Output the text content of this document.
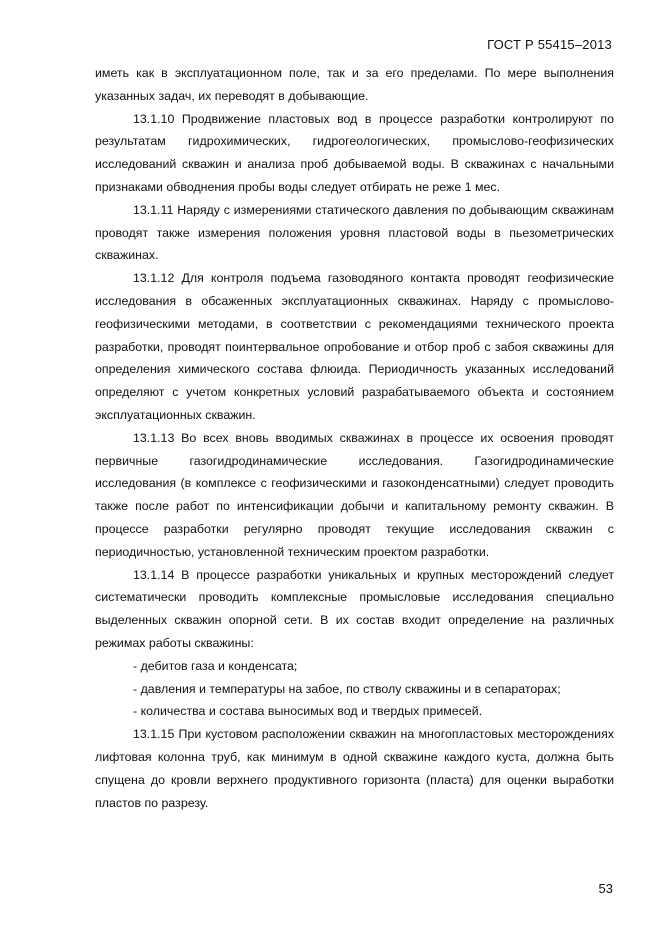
ГОСТ Р 55415–2013

иметь как в эксплуатационном поле, так и за его пределами. По мере выполнения указанных задач, их переводят в добывающие.

13.1.10 Продвижение пластовых вод в процессе разработки контролируют по результатам гидрохимических, гидрогеологических, промыслово-геофизических исследований скважин и анализа проб добываемой воды. В скважинах с начальными признаками обводнения пробы воды следует отбирать не реже 1 мес.

13.1.11 Наряду с измерениями статического давления по добывающим скважинам проводят также измерения положения уровня пластовой воды в пьезометрических скважинах.

13.1.12 Для контроля подъема газоводяного контакта проводят геофизические исследования в обсаженных эксплуатационных скважинах. Наряду с промыслово-геофизическими методами, в соответствии с рекомендациями технического проекта разработки, проводят поинтервальное опробование и отбор проб с забоя скважины для определения химического состава флюида. Периодичность указанных исследований определяют с учетом конкретных условий разрабатываемого объекта и состоянием эксплуатационных скважин.

13.1.13 Во всех вновь вводимых скважинах в процессе их освоения проводят первичные газогидродинамические исследования. Газогидродинамические исследования (в комплексе с геофизическими и газоконденсатными) следует проводить также после работ по интенсификации добычи и капитальному ремонту скважин. В процессе разработки регулярно проводят текущие исследования скважин с периодичностью, установленной техническим проектом разработки.

13.1.14 В процессе разработки уникальных и крупных месторождений следует систематически проводить комплексные промысловые исследования специально выделенных скважин опорной сети. В их состав входит определение на различных режимах работы скважины:

- дебитов газа и конденсата;

- давления и температуры на забое, по стволу скважины и в сепараторах;

- количества и состава выносимых вод и твердых примесей.

13.1.15 При кустовом расположении скважин на многопластовых месторождениях лифтовая колонна труб, как минимум в одной скважине каждого куста, должна быть спущена до кровли верхнего продуктивного горизонта (пласта) для оценки выработки пластов по разрезу.

53
